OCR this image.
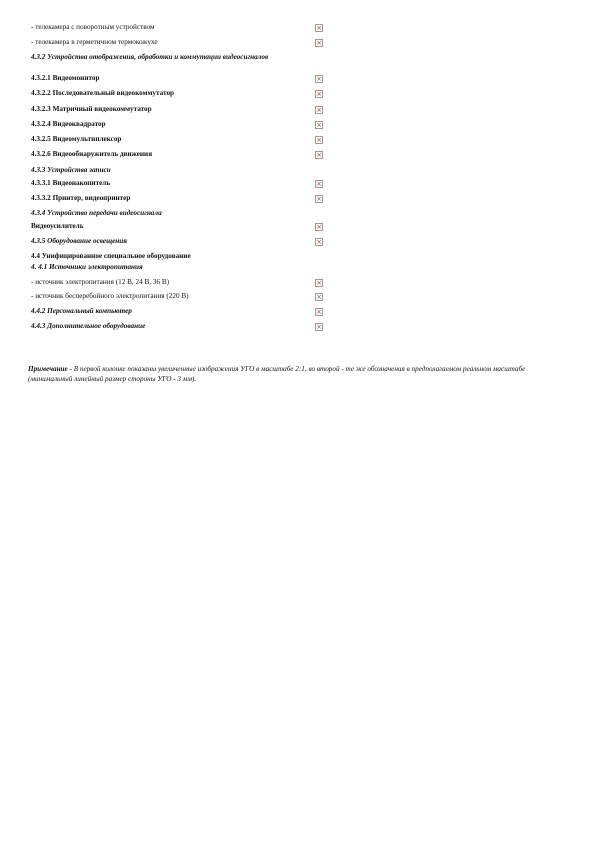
- телекамера с поворотным устройством	×
- телекамера в герметичном термокожухе	×
4.3.2 Устройства отображения, обработки и коммутации видеосигналов
4.3.2.1 Видеомонитор	×
4.3.2.2 Последовательный видеокоммутатор	×
4.3.2.3 Матричный видеокоммутатор	×
4.3.2.4 Видеоквадратор	×
4.3.2.5 Видеомультиплексор	×
4.3.2.6 Видеообнаружитель движения	×
4.3.3 Устройства записи
4.3.3.1 Видеонакопитель	×
4.3.3.2 Принтер, видеопринтер	×
4.3.4 Устройство передачи видеосигнала
Видеоусилитель	×
4.3.5 Оборудование освещения	×
4.4 Унифицированное специальное оборудование
4. 4.1 Источники электропитания
- источник электропитания (12 В, 24 В, 36 В)	×
- источник бесперебойного электропитания (220 В)	×
4.4.2 Персональный компьютер	×
4.4.3 Дополнительное оборудование	×
Примечание - В первой колонке показаны увеличенные изображения УГО в масштабе 2:1, во второй - те же обозначения в предполагаемом реальном масштабе (минимальный линейный размер стороны УГО - 3 мм).
